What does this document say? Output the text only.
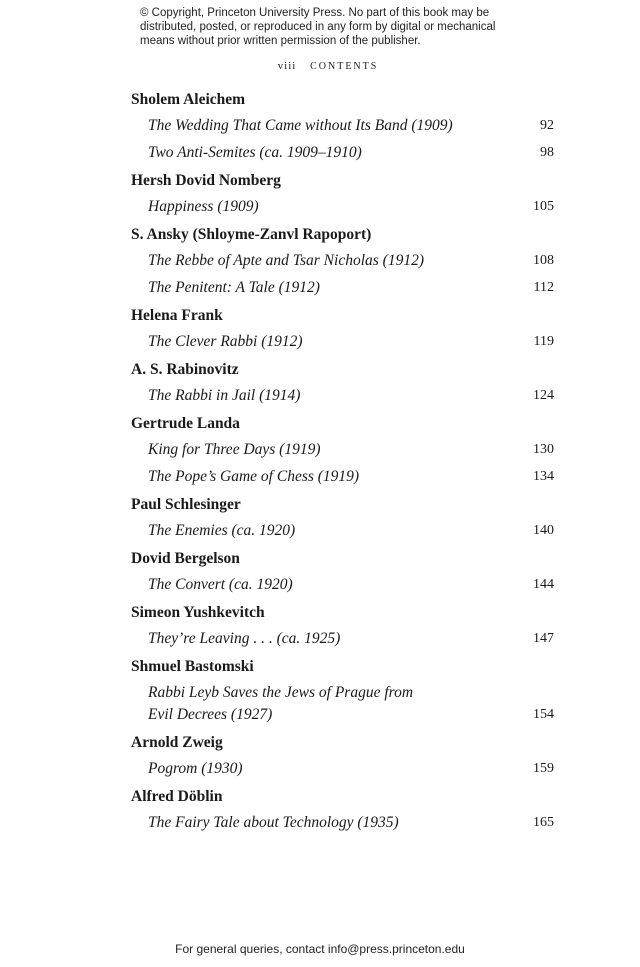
© Copyright, Princeton University Press. No part of this book may be distributed, posted, or reproduced in any form by digital or mechanical means without prior written permission of the publisher.
viii CONTENTS
Sholem Aleichem
The Wedding That Came without Its Band (1909)	92
Two Anti-Semites (ca. 1909–1910)	98
Hersh Dovid Nomberg
Happiness (1909)	105
S. Ansky (Shloyme-Zanvl Rapoport)
The Rebbe of Apte and Tsar Nicholas (1912)	108
The Penitent: A Tale (1912)	112
Helena Frank
The Clever Rabbi (1912)	119
A. S. Rabinovitz
The Rabbi in Jail (1914)	124
Gertrude Landa
King for Three Days (1919)	130
The Pope’s Game of Chess (1919)	134
Paul Schlesinger
The Enemies (ca. 1920)	140
Dovid Bergelson
The Convert (ca. 1920)	144
Simeon Yushkevitch
They’re Leaving . . . (ca. 1925)	147
Shmuel Bastomski
Rabbi Leyb Saves the Jews of Prague from
Evil Decrees (1927)	154
Arnold Zweig
Pogrom (1930)	159
Alfred Döblin
The Fairy Tale about Technology (1935)	165
For general queries, contact info@press.princeton.edu
